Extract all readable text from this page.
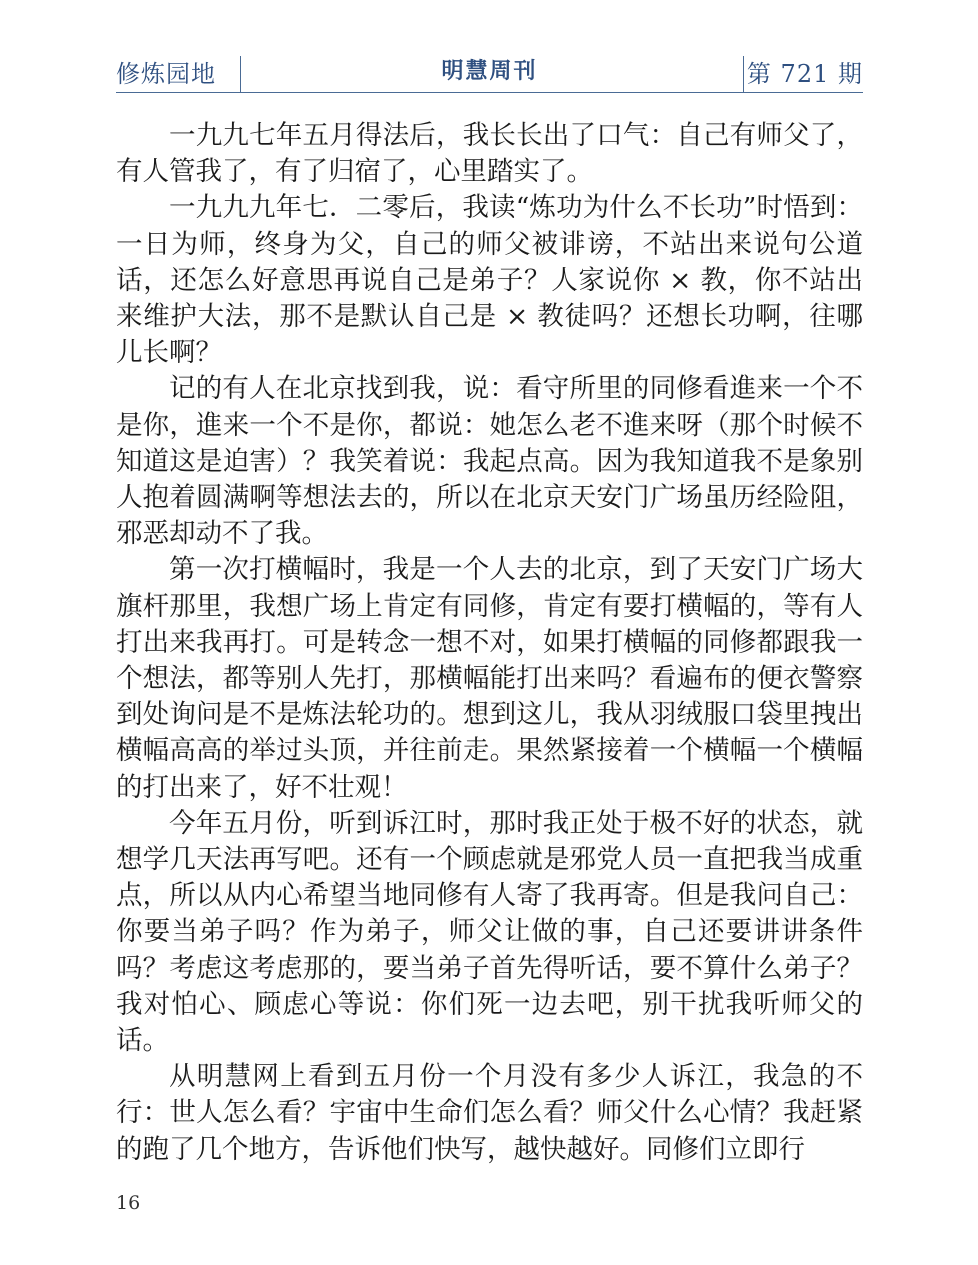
修炼园地	明慧周刊	第 721 期

一九九七年五月得法后，我长长出了口气：自己有师父了，有人管我了，有了归宿了，心里踏实了。

一九九九年七．二零后，我读“炼功为什么不长功”时悟到：一日为师，终身为父，自己的师父被诽谤，不站出来说句公道话，还怎么好意思再说自己是弟子？人家说你 × 教，你不站出来维护大法，那不是默认自己是 × 教徒吗？还想长功啊，往哪儿长啊？

记的有人在北京找到我，说：看守所里的同修看進来一个不是你，進来一个不是你，都说：她怎么老不進来呀（那个时候不知道这是迫害）？我笑着说：我起点高。因为我知道我不是象别人抱着圆满啊等想法去的，所以在北京天安门广场虽历经险阻，邪恶却动不了我。

第一次打横幅时，我是一个人去的北京，到了天安门广场大旗杆那里，我想广场上肯定有同修，肯定有要打横幅的，等有人打出来我再打。可是转念一想不对，如果打横幅的同修都跟我一个想法，都等别人先打，那横幅能打出来吗？看遍布的便衣警察到处询问是不是炼法轮功的。想到这儿，我从羽绒服口袋里拽出横幅高高的举过头顶，并往前走。果然紧接着一个横幅一个横幅的打出来了，好不壮观！

今年五月份，听到诉江时，那时我正处于极不好的状态，就想学几天法再写吧。还有一个顾虑就是邪党人员一直把我当成重点，所以从内心希望当地同修有人寄了我再寄。但是我问自己：你要当弟子吗？作为弟子，师父让做的事，自己还要讲讲条件吗？考虑这考虑那的，要当弟子首先得听话，要不算什么弟子？我对怕心、顾虑心等说：你们死一边去吧，别干扰我听师父的话。

从明慧网上看到五月份一个月没有多少人诉江，我急的不行：世人怎么看？宇宙中生命们怎么看？师父什么心情？我赶紧的跑了几个地方，告诉他们快写，越快越好。同修们立即行

16
